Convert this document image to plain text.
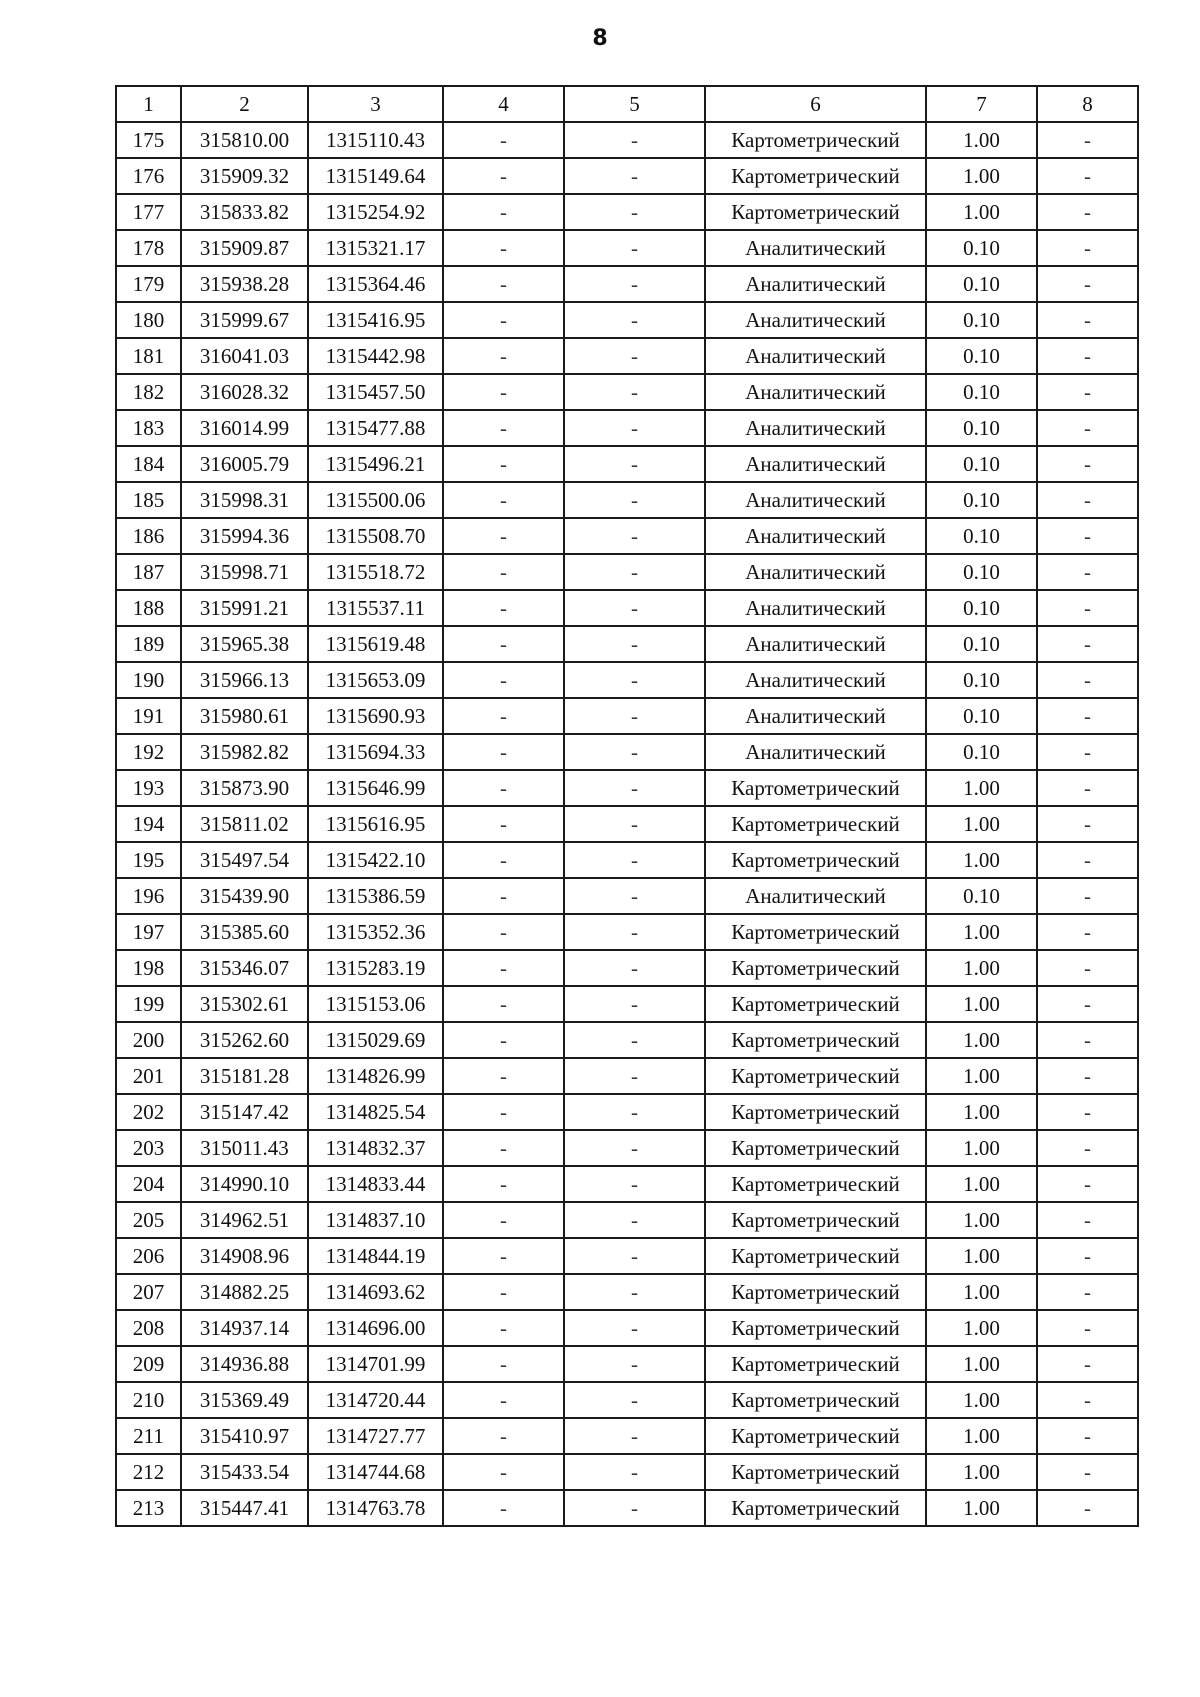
8
1	2	3	4	5	6	7	8
175	315810.00	1315110.43	-	-	Картометрический	1.00	-
176	315909.32	1315149.64	-	-	Картометрический	1.00	-
177	315833.82	1315254.92	-	-	Картометрический	1.00	-
178	315909.87	1315321.17	-	-	Аналитический	0.10	-
179	315938.28	1315364.46	-	-	Аналитический	0.10	-
180	315999.67	1315416.95	-	-	Аналитический	0.10	-
181	316041.03	1315442.98	-	-	Аналитический	0.10	-
182	316028.32	1315457.50	-	-	Аналитический	0.10	-
183	316014.99	1315477.88	-	-	Аналитический	0.10	-
184	316005.79	1315496.21	-	-	Аналитический	0.10	-
185	315998.31	1315500.06	-	-	Аналитический	0.10	-
186	315994.36	1315508.70	-	-	Аналитический	0.10	-
187	315998.71	1315518.72	-	-	Аналитический	0.10	-
188	315991.21	1315537.11	-	-	Аналитический	0.10	-
189	315965.38	1315619.48	-	-	Аналитический	0.10	-
190	315966.13	1315653.09	-	-	Аналитический	0.10	-
191	315980.61	1315690.93	-	-	Аналитический	0.10	-
192	315982.82	1315694.33	-	-	Аналитический	0.10	-
193	315873.90	1315646.99	-	-	Картометрический	1.00	-
194	315811.02	1315616.95	-	-	Картометрический	1.00	-
195	315497.54	1315422.10	-	-	Картометрический	1.00	-
196	315439.90	1315386.59	-	-	Аналитический	0.10	-
197	315385.60	1315352.36	-	-	Картометрический	1.00	-
198	315346.07	1315283.19	-	-	Картометрический	1.00	-
199	315302.61	1315153.06	-	-	Картометрический	1.00	-
200	315262.60	1315029.69	-	-	Картометрический	1.00	-
201	315181.28	1314826.99	-	-	Картометрический	1.00	-
202	315147.42	1314825.54	-	-	Картометрический	1.00	-
203	315011.43	1314832.37	-	-	Картометрический	1.00	-
204	314990.10	1314833.44	-	-	Картометрический	1.00	-
205	314962.51	1314837.10	-	-	Картометрический	1.00	-
206	314908.96	1314844.19	-	-	Картометрический	1.00	-
207	314882.25	1314693.62	-	-	Картометрический	1.00	-
208	314937.14	1314696.00	-	-	Картометрический	1.00	-
209	314936.88	1314701.99	-	-	Картометрический	1.00	-
210	315369.49	1314720.44	-	-	Картометрический	1.00	-
211	315410.97	1314727.77	-	-	Картометрический	1.00	-
212	315433.54	1314744.68	-	-	Картометрический	1.00	-
213	315447.41	1314763.78	-	-	Картометрический	1.00	-
